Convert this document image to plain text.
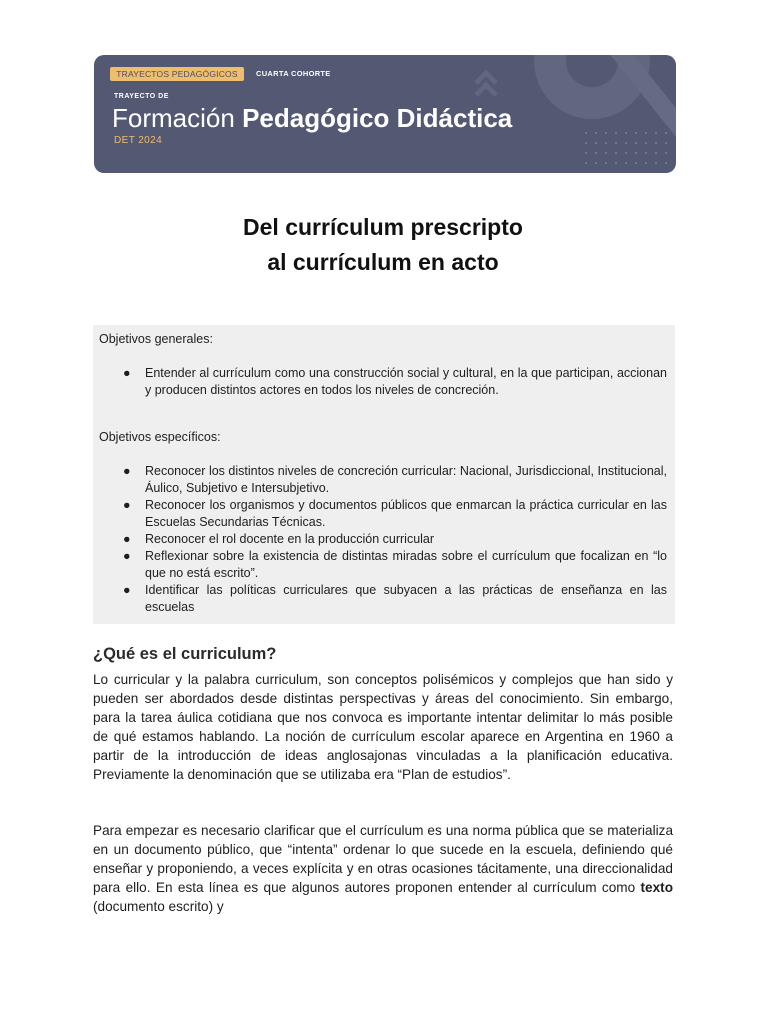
TRAYECTOS PEDAGÓGICOS	CUARTA COHORTE
TRAYECTO DE
Formación Pedagógico Didáctica
DET 2024
Del currículum prescripto
al currículum en acto
Objetivos generales:
● Entender al currículum como una construcción social y cultural, en la que participan, accionan y producen distintos actores en todos los niveles de concreción.
Objetivos específicos:
● Reconocer los distintos niveles de concreción curricular: Nacional, Jurisdiccional, Institucional, Áulico, Subjetivo e Intersubjetivo.
● Reconocer los organismos y documentos públicos que enmarcan la práctica curricular en las Escuelas Secundarias Técnicas.
● Reconocer el rol docente en la producción curricular
● Reflexionar sobre la existencia de distintas miradas sobre el currículum que focalizan en “lo que no está escrito”.
● Identificar las políticas curriculares que subyacen a las prácticas de enseñanza en las escuelas
¿Qué es el curriculum?

Lo curricular y la palabra curriculum, son conceptos polisémicos y complejos que han sido y pueden ser abordados desde distintas perspectivas y áreas del conocimiento. Sin embargo, para la tarea áulica cotidiana que nos convoca es importante intentar delimitar lo más posible de qué estamos hablando. La noción de currículum escolar aparece en Argentina en 1960 a partir de la introducción de ideas anglosajonas vinculadas a la planificación educativa. Previamente la denominación que se utilizaba era “Plan de estudios”.

Para empezar es necesario clarificar que el currículum es una norma pública que se materializa en un documento público, que “intenta” ordenar lo que sucede en la escuela, definiendo qué enseñar y proponiendo, a veces explícita y en otras ocasiones tácitamente, una direccionalidad para ello. En esta línea es que algunos autores proponen entender al currículum como texto (documento escrito) y
